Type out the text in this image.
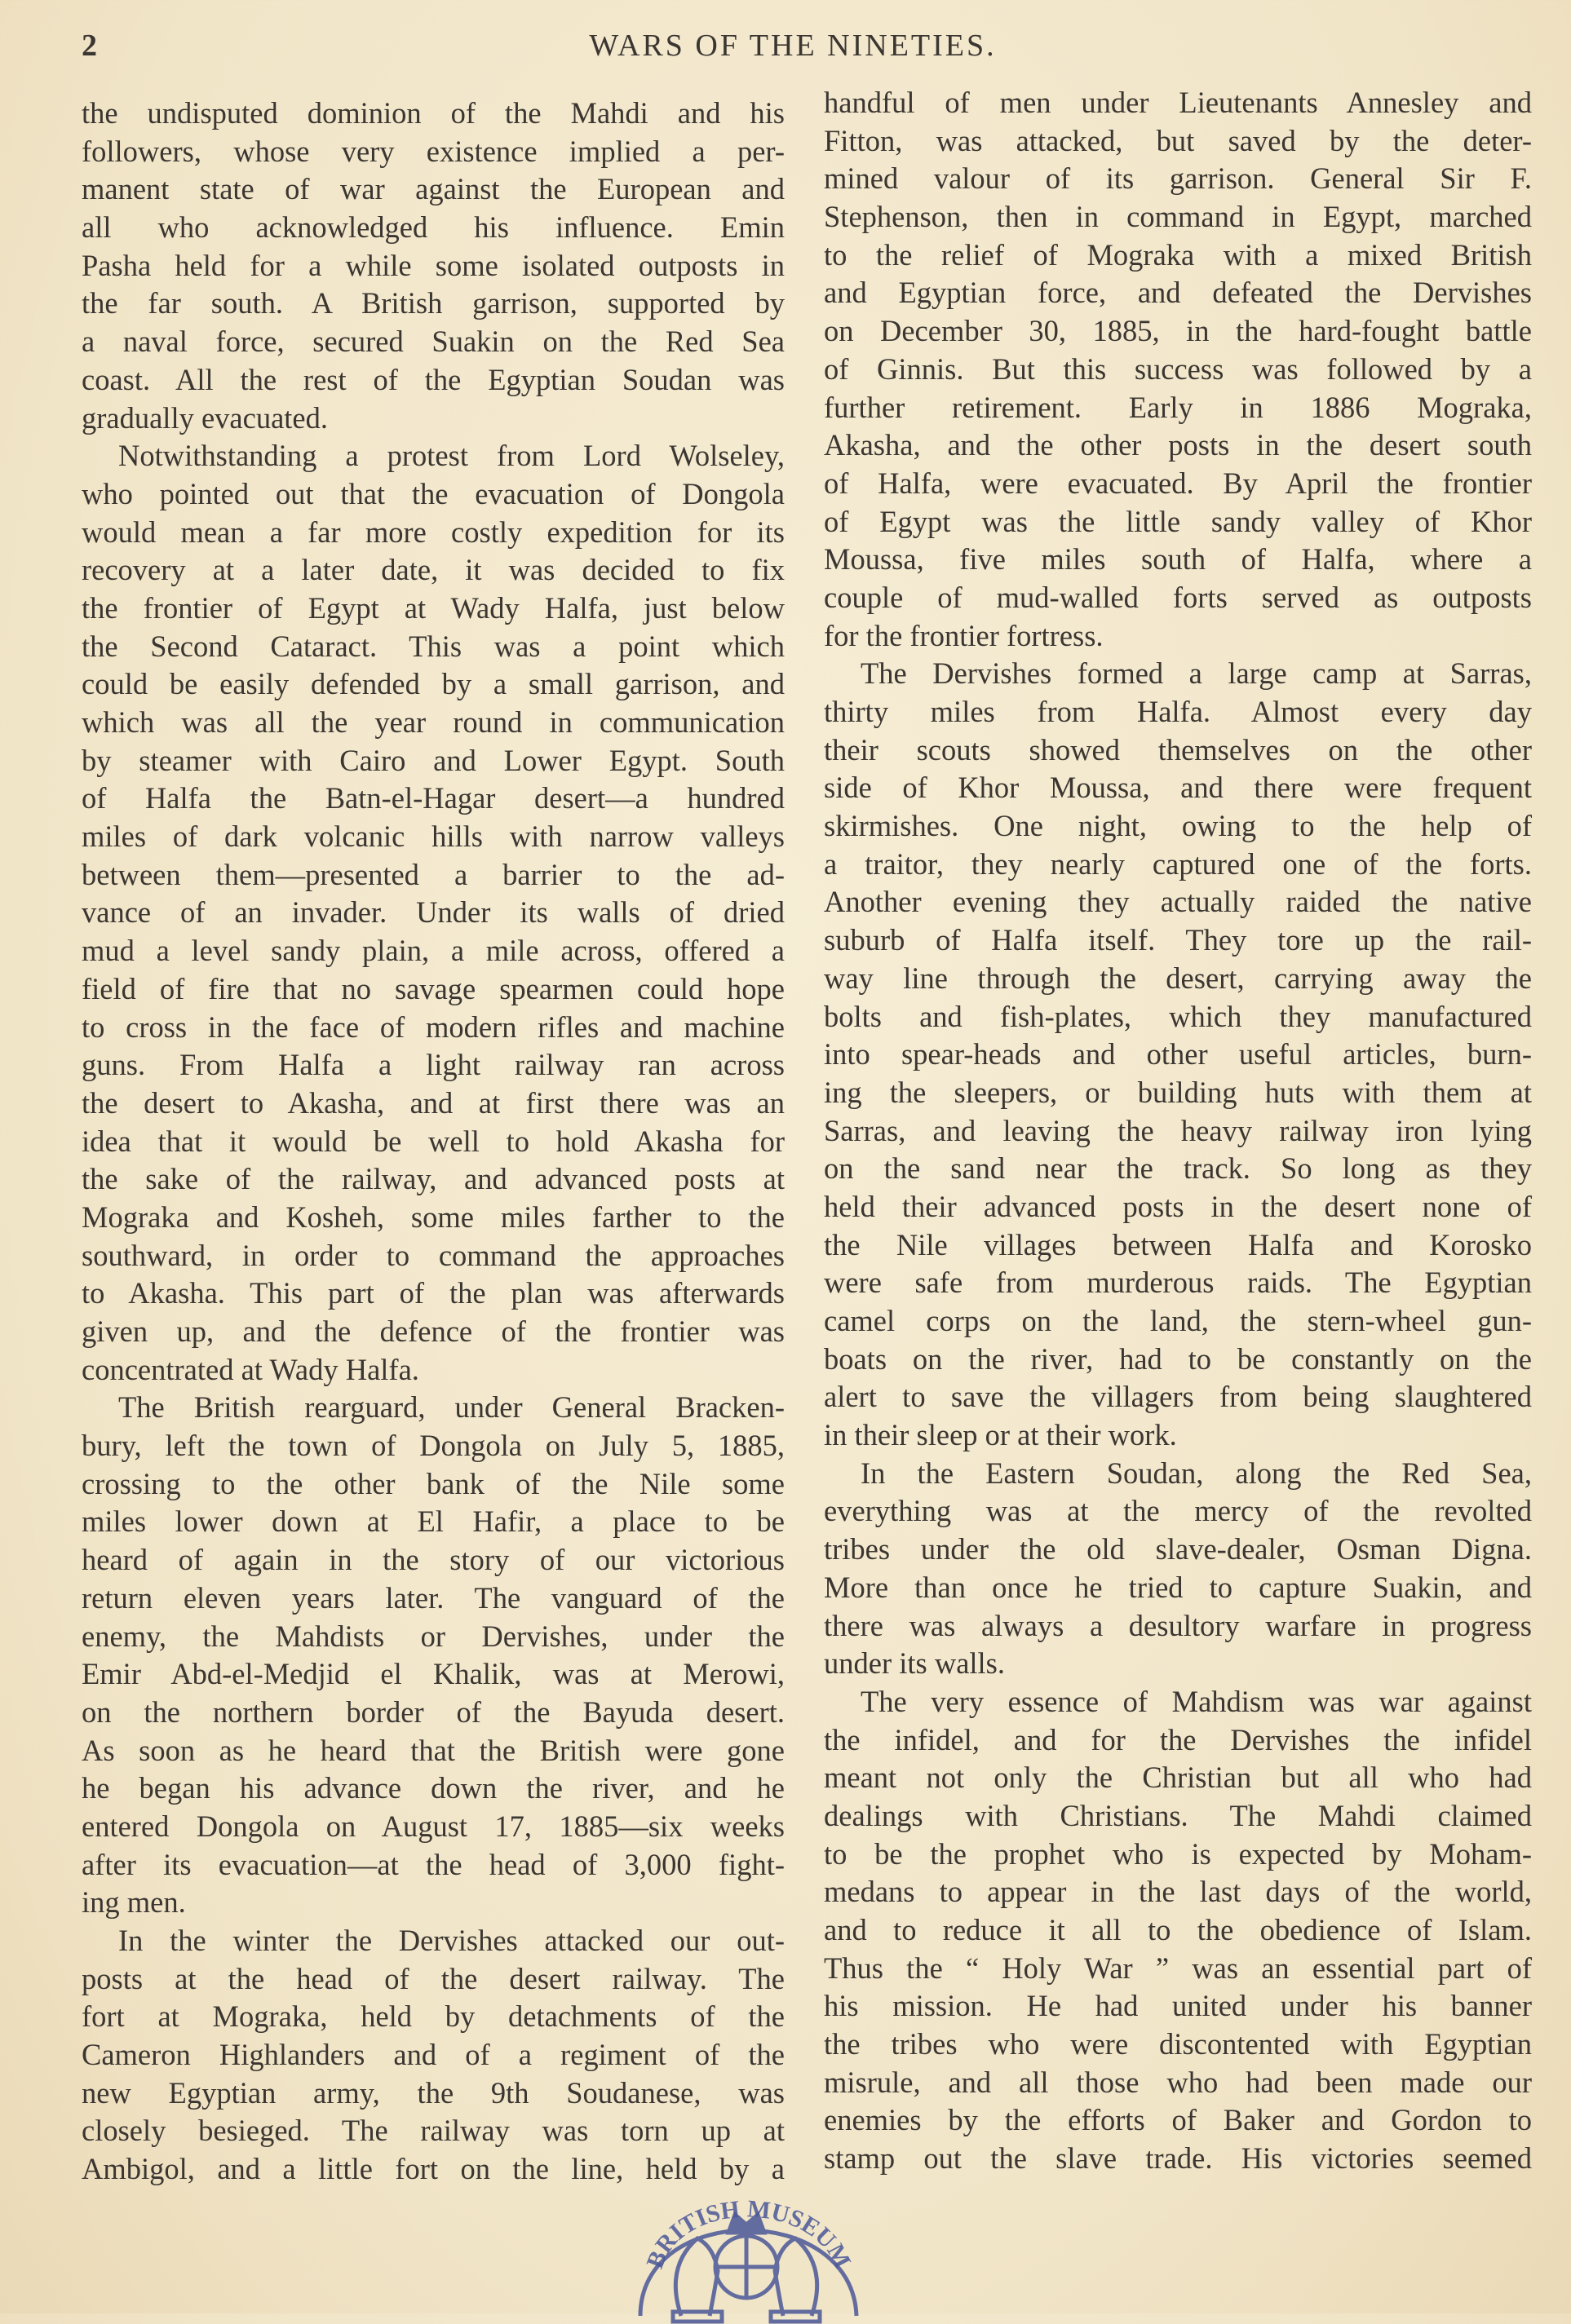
2	WARS OF THE NINETIES.
the undisputed dominion of the Mahdi and his
followers, whose very existence implied a per-
manent state of war against the European and
all who acknowledged his influence. Emin
Pasha held for a while some isolated outposts in
the far south. A British garrison, supported by
a naval force, secured Suakin on the Red Sea
coast. All the rest of the Egyptian Soudan was
gradually evacuated.
Notwithstanding a protest from Lord Wolseley,
who pointed out that the evacuation of Dongola
would mean a far more costly expedition for its
recovery at a later date, it was decided to fix
the frontier of Egypt at Wady Halfa, just below
the Second Cataract. This was a point which
could be easily defended by a small garrison, and
which was all the year round in communication
by steamer with Cairo and Lower Egypt. South
of Halfa the Batn-el-Hagar desert—a hundred
miles of dark volcanic hills with narrow valleys
between them—presented a barrier to the ad-
vance of an invader. Under its walls of dried
mud a level sandy plain, a mile across, offered a
field of fire that no savage spearmen could hope
to cross in the face of modern rifles and machine
guns. From Halfa a light railway ran across
the desert to Akasha, and at first there was an
idea that it would be well to hold Akasha for
the sake of the railway, and advanced posts at
Mograka and Kosheh, some miles farther to the
southward, in order to command the approaches
to Akasha. This part of the plan was afterwards
given up, and the defence of the frontier was
concentrated at Wady Halfa.
The British rearguard, under General Bracken-
bury, left the town of Dongola on July 5, 1885,
crossing to the other bank of the Nile some
miles lower down at El Hafir, a place to be
heard of again in the story of our victorious
return eleven years later. The vanguard of the
enemy, the Mahdists or Dervishes, under the
Emir Abd-el-Medjid el Khalik, was at Merowi,
on the northern border of the Bayuda desert.
As soon as he heard that the British were gone
he began his advance down the river, and he
entered Dongola on August 17, 1885—six weeks
after its evacuation—at the head of 3,000 fight-
ing men.
In the winter the Dervishes attacked our out-
posts at the head of the desert railway. The
fort at Mograka, held by detachments of the
Cameron Highlanders and of a regiment of the
new Egyptian army, the 9th Soudanese, was
closely besieged. The railway was torn up at
Ambigol, and a little fort on the line, held by a
handful of men under Lieutenants Annesley and
Fitton, was attacked, but saved by the deter-
mined valour of its garrison. General Sir F.
Stephenson, then in command in Egypt, marched
to the relief of Mograka with a mixed British
and Egyptian force, and defeated the Dervishes
on December 30, 1885, in the hard-fought battle
of Ginnis. But this success was followed by a
further retirement. Early in 1886 Mograka,
Akasha, and the other posts in the desert south
of Halfa, were evacuated. By April the frontier
of Egypt was the little sandy valley of Khor
Moussa, five miles south of Halfa, where a
couple of mud-walled forts served as outposts
for the frontier fortress.
The Dervishes formed a large camp at Sarras,
thirty miles from Halfa. Almost every day
their scouts showed themselves on the other
side of Khor Moussa, and there were frequent
skirmishes. One night, owing to the help of
a traitor, they nearly captured one of the forts.
Another evening they actually raided the native
suburb of Halfa itself. They tore up the rail-
way line through the desert, carrying away the
bolts and fish-plates, which they manufactured
into spear-heads and other useful articles, burn-
ing the sleepers, or building huts with them at
Sarras, and leaving the heavy railway iron lying
on the sand near the track. So long as they
held their advanced posts in the desert none of
the Nile villages between Halfa and Korosko
were safe from murderous raids. The Egyptian
camel corps on the land, the stern-wheel gun-
boats on the river, had to be constantly on the
alert to save the villagers from being slaughtered
in their sleep or at their work.
In the Eastern Soudan, along the Red Sea,
everything was at the mercy of the revolted
tribes under the old slave-dealer, Osman Digna.
More than once he tried to capture Suakin, and
there was always a desultory warfare in progress
under its walls.
The very essence of Mahdism was war against
the infidel, and for the Dervishes the infidel
meant not only the Christian but all who had
dealings with Christians. The Mahdi claimed
to be the prophet who is expected by Moham-
medans to appear in the last days of the world,
and to reduce it all to the obedience of Islam.
Thus the “ Holy War ” was an essential part of
his mission. He had united under his banner
the tribes who were discontented with Egyptian
misrule, and all those who had been made our
enemies by the efforts of Baker and Gordon to
stamp out the slave trade. His victories seemed
BRITISH MUSEUM
